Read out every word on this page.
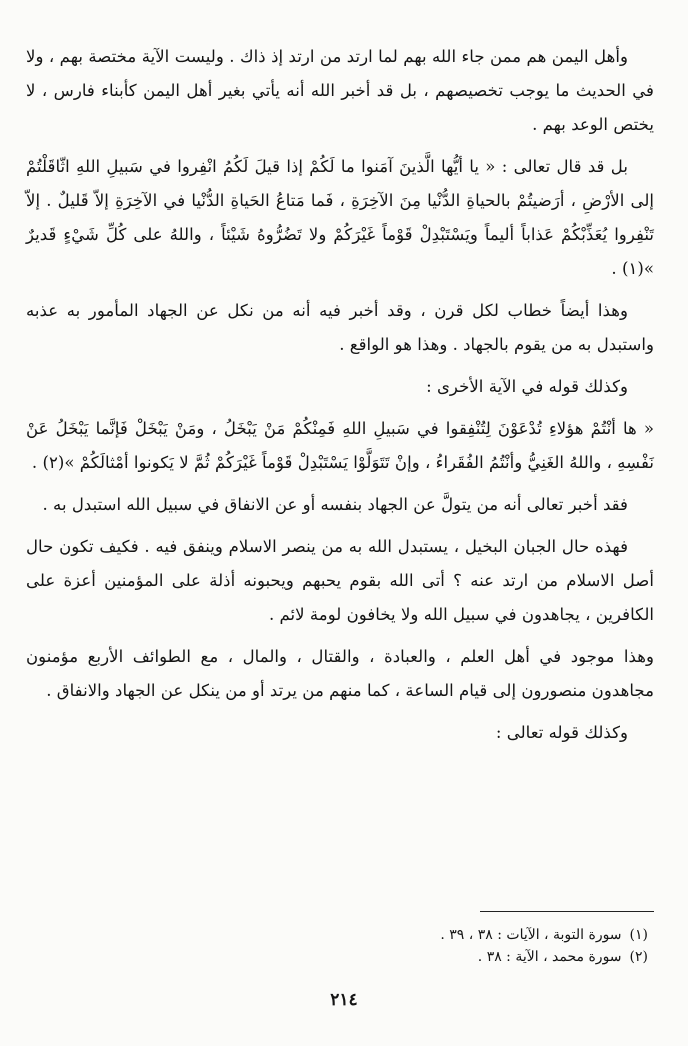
وأهل اليمن هم ممن جاء الله بهم لما ارتد من ارتد إذ ذاك . وليست الآية مختصة بهم ، ولا في الحديث ما يوجب تخصيصهم ، بل قد أخبر الله أنه يأتي بغير أهل اليمن كأبناء فارس ، لا يختص الوعد بهم .

بل قد قال تعالى : « يا أيُّها الَّذينَ آمَنوا ما لَكُمْ إذا قيلَ لَكُمُ انْفِروا في سَبيلِ اللهِ اثّاقَلْتُمْ إلى الأرْضِ ، أرَضيتُمْ بالحياةِ الدُّنْيا مِنَ الآخِرَةِ ، فَما مَتاعُ الحَياةِ الدُّنْيا في الآخِرَةِ إلاّ قَليلٌ . إلاّ تَنْفِروا يُعَذِّبْكُمْ عَذاباً أليماً ويَسْتَبْدِلْ قَوْماً غَيْرَكُمْ ولا تَضُرُّوهُ شَيْئاً ، واللهُ على كُلِّ شَيْءٍ قَديرٌ »(١) .

وهذا أيضاً خطاب لكل قرن ، وقد أخبر فيه أنه من نكل عن الجهاد المأمور به عذبه واستبدل به من يقوم بالجهاد . وهذا هو الواقع .

وكذلك قوله في الآية الأخرى :

« ها أنْتُمْ هؤلاءِ تُدْعَوْنَ لِتُنْفِقوا في سَبيلِ اللهِ فَمِنْكُمْ مَنْ يَبْخَلُ ، ومَنْ يَبْخَلْ فَإنَّما يَبْخَلُ عَنْ نَفْسِهِ ، واللهُ الغَنِيُّ وأنْتُمُ الفُقَراءُ ، وإنْ تَتَوَلَّوْا يَسْتَبْدِلْ قَوْماً غَيْرَكُمْ ثُمَّ لا يَكونوا أمْثالَكُمْ »(٢) .

فقد أخبر تعالى أنه من يتولَّ عن الجهاد بنفسه أو عن الانفاق في سبيل الله استبدل به .

فهذه حال الجبان البخيل ، يستبدل الله به من ينصر الاسلام وينفق فيه . فكيف تكون حال أصل الاسلام من ارتد عنه ؟ أتى الله بقوم يحبهم ويحبونه أذلة على المؤمنين أعزة على الكافرين ، يجاهدون في سبيل الله ولا يخافون لومة لائم .

وهذا موجود في أهل العلم ، والعبادة ، والقتال ، والمال ، مع الطوائف الأربع مؤمنون مجاهدون منصورون إلى قيام الساعة ، كما منهم من يرتد أو من ينكل عن الجهاد والانفاق .

وكذلك قوله تعالى :

(١) سورة التوبة ، الآيات : ٣٨ ، ٣٩ .
(٢) سورة محمد ، الآية : ٣٨ .
٢١٤
